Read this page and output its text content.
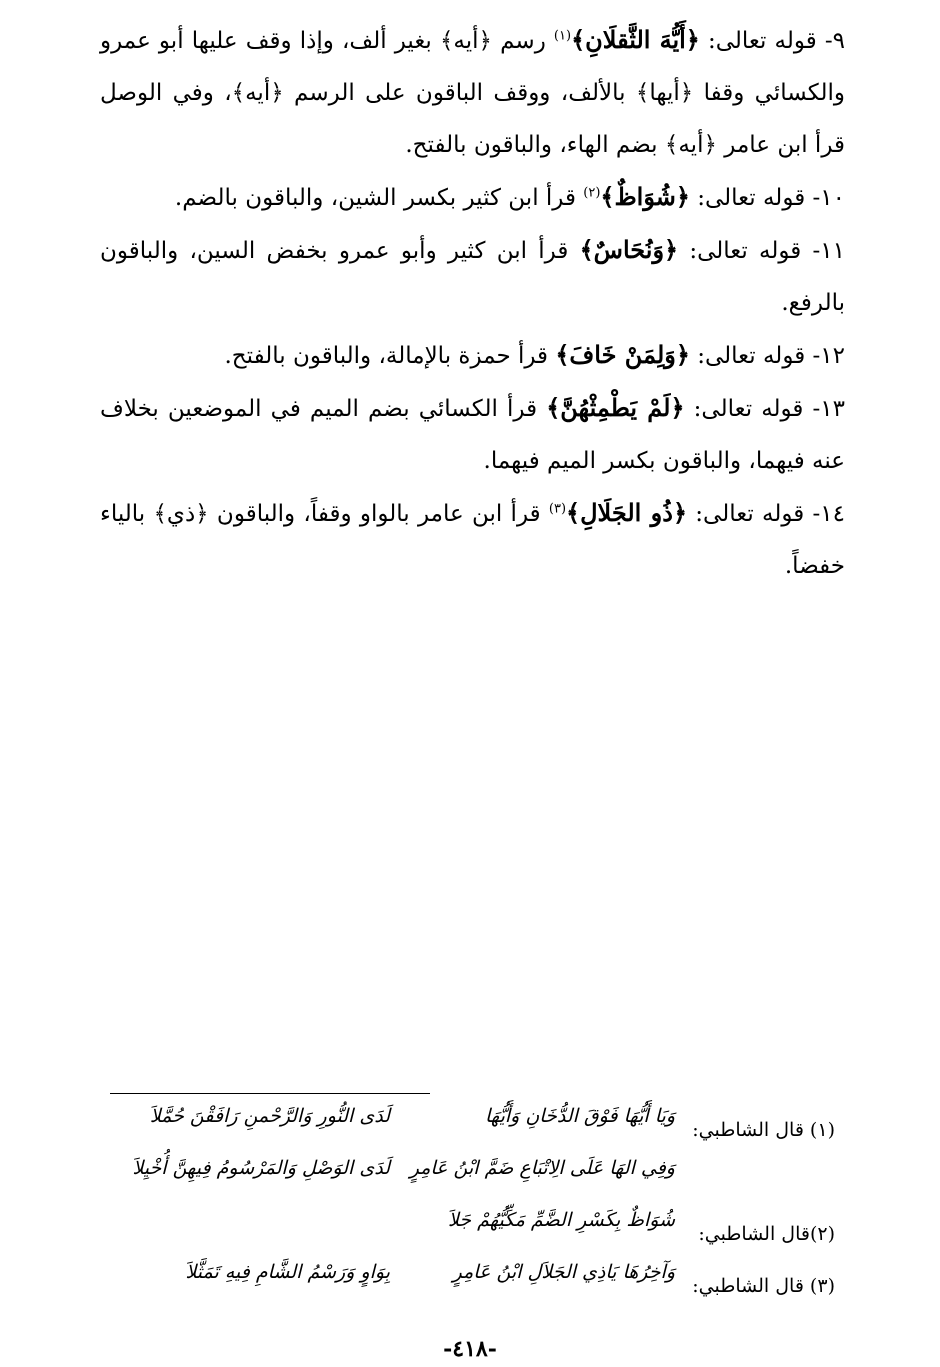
٩- قوله تعالى: ﴿أَيُّهَ الثَّقلَانِ﴾$^{(١)}$ رسم ﴿أيه﴾ بغير ألف، وإذا وقف عليها أبو عمرو والكسائي وقفا ﴿أيها﴾ بالألف، ووقف الباقون على الرسم ﴿أيه﴾، وفي الوصل قرأ ابن عامر ﴿أيه﴾ بضم الهاء، والباقون بالفتح.

١٠- قوله تعالى: ﴿شُوَاظٌ﴾$^{(٢)}$ قرأ ابن كثير بكسر الشين، والباقون بالضم.

١١- قوله تعالى: ﴿وَنُحَاسٌ﴾ قرأ ابن كثير وأبو عمرو بخفض السين، والباقون بالرفع.

١٢- قوله تعالى: ﴿وَلِمَنْ خَافَ﴾ قرأ حمزة بالإمالة، والباقون بالفتح.

١٣- قوله تعالى: ﴿لَمْ يَطْمِثْهُنَّ﴾ قرأ الكسائي بضم الميم في الموضعين بخلاف عنه فيهما، والباقون بكسر الميم فيهما.

١٤- قوله تعالى: ﴿ذُو الجَلَالِ﴾$^{(٣)}$ قرأ ابن عامر بالواو وقفاً، والباقون ﴿ذي﴾ بالياء خفضاً.

(١) قال الشاطبي:
وَيَا أَيُّهَا فَوْقَ الدُّخَانِ وَأَيُّهَا
لَدَى النُّورِ وَالرَّحْمنِ رَافَقْنَ حُمَّلاَ
وَفِي الهَا عَلَى الِاتْبَاعِ ضَمَّ ابْنُ عَامِرٍ
لَدَى الوَصْلِ وَالمَرْسُومُ فِيهِنَّ أُخْيِلاَ
(٢)قال الشاطبي:
شُوَاظٌ بِكَسْرِ الضَّمِّ مَكِّيُّهُمْ جَلاَ
(٣) قال الشاطبي:
وَآخِرُهَا يَاذِي الجَلاَلِ ابْنُ عَامِرٍ
بِوَاوٍ وَرَسْمُ الشَّامِ فِيهِ تَمَثَّلاَ
-٤١٨-
